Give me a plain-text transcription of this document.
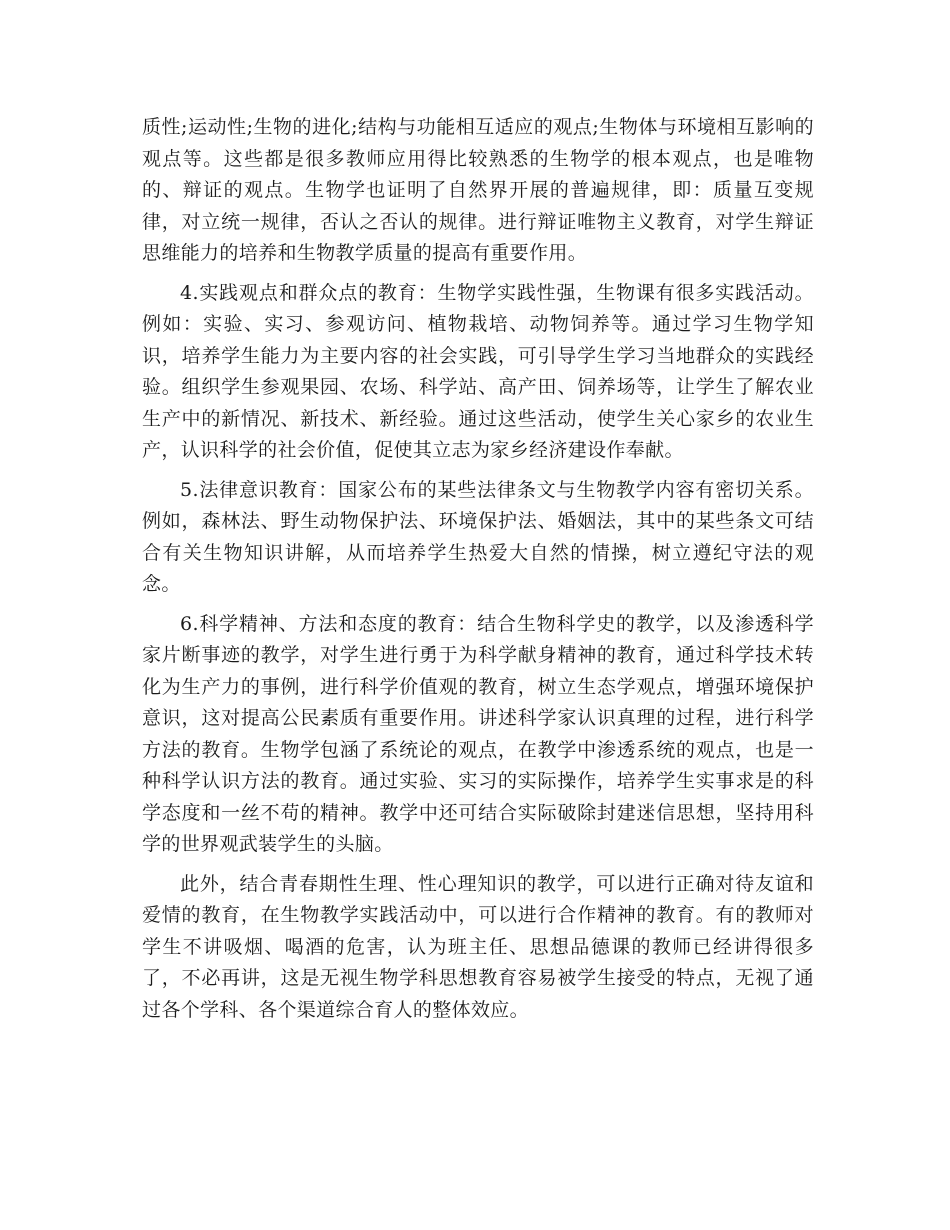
质性;运动性;生物的进化;结构与功能相互适应的观点;生物体与环境相互影响的观点等。这些都是很多教师应用得比较熟悉的生物学的根本观点，也是唯物的、辩证的观点。生物学也证明了自然界开展的普遍规律，即：质量互变规律，对立统一规律，否认之否认的规律。进行辩证唯物主义教育，对学生辩证思维能力的培养和生物教学质量的提高有重要作用。

4.实践观点和群众点的教育：生物学实践性强，生物课有很多实践活动。例如：实验、实习、参观访问、植物栽培、动物饲养等。通过学习生物学知识，培养学生能力为主要内容的社会实践，可引导学生学习当地群众的实践经验。组织学生参观果园、农场、科学站、高产田、饲养场等，让学生了解农业生产中的新情况、新技术、新经验。通过这些活动，使学生关心家乡的农业生产，认识科学的社会价值，促使其立志为家乡经济建设作奉献。

5.法律意识教育：国家公布的某些法律条文与生物教学内容有密切关系。例如，森林法、野生动物保护法、环境保护法、婚姻法，其中的某些条文可结合有关生物知识讲解，从而培养学生热爱大自然的情操，树立遵纪守法的观念。

6.科学精神、方法和态度的教育：结合生物科学史的教学，以及渗透科学家片断事迹的教学，对学生进行勇于为科学献身精神的教育，通过科学技术转化为生产力的事例，进行科学价值观的教育，树立生态学观点，增强环境保护意识，这对提高公民素质有重要作用。讲述科学家认识真理的过程，进行科学方法的教育。生物学包涵了系统论的观点，在教学中渗透系统的观点，也是一种科学认识方法的教育。通过实验、实习的实际操作，培养学生实事求是的科学态度和一丝不苟的精神。教学中还可结合实际破除封建迷信思想，坚持用科学的世界观武装学生的头脑。

此外，结合青春期性生理、性心理知识的教学，可以进行正确对待友谊和爱情的教育，在生物教学实践活动中，可以进行合作精神的教育。有的教师对学生不讲吸烟、喝酒的危害，认为班主任、思想品德课的教师已经讲得很多了，不必再讲，这是无视生物学科思想教育容易被学生接受的特点，无视了通过各个学科、各个渠道综合育人的整体效应。
